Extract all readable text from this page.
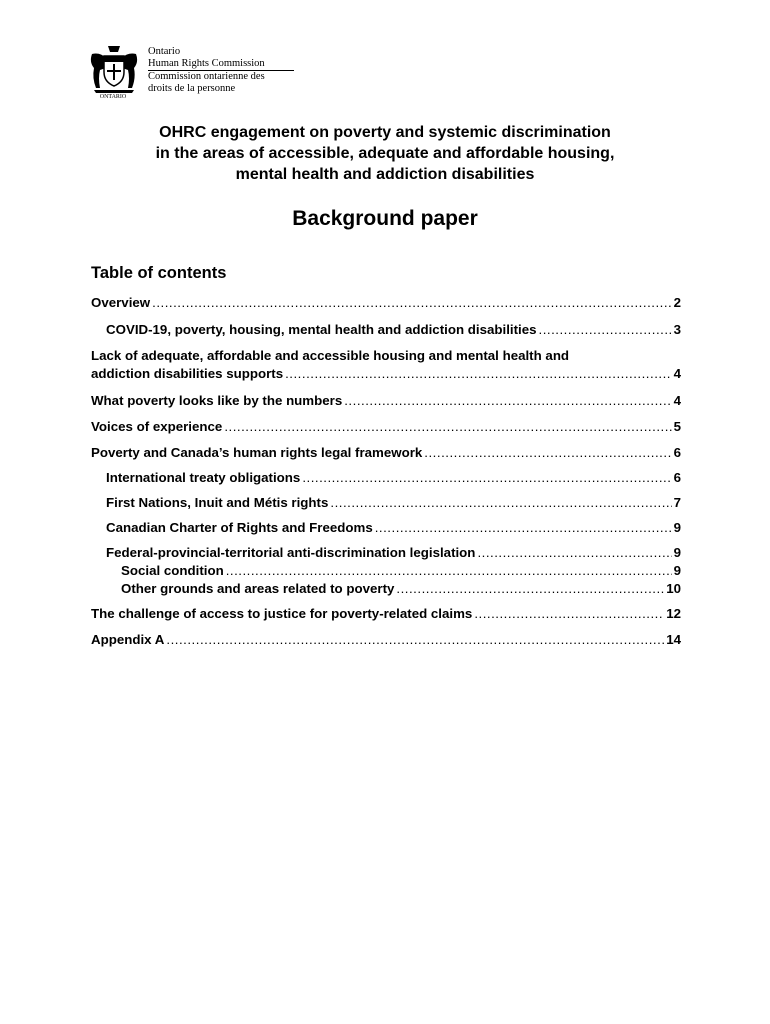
ONTARIO
Ontario
Human Rights Commission
Commission ontarienne des
droits de la personne
OHRC engagement on poverty and systemic discrimination
in the areas of accessible, adequate and affordable housing,
mental health and addiction disabilities
Background paper
Table of contents
Overview .....	2
COVID-19, poverty, housing, mental health and addiction disabilities .....	3
Lack of adequate, affordable and accessible housing and mental health and
addiction disabilities supports .....	4
What poverty looks like by the numbers .....	4
Voices of experience .....	5
Poverty and Canada’s human rights legal framework .....	6
International treaty obligations .....	6
First Nations, Inuit and Métis rights .....	7
Canadian Charter of Rights and Freedoms .....	9
Federal-provincial-territorial anti-discrimination legislation .....	9
Social condition .....	9
Other grounds and areas related to poverty .....	10
The challenge of access to justice for poverty-related claims .....	12
Appendix A .....	14
